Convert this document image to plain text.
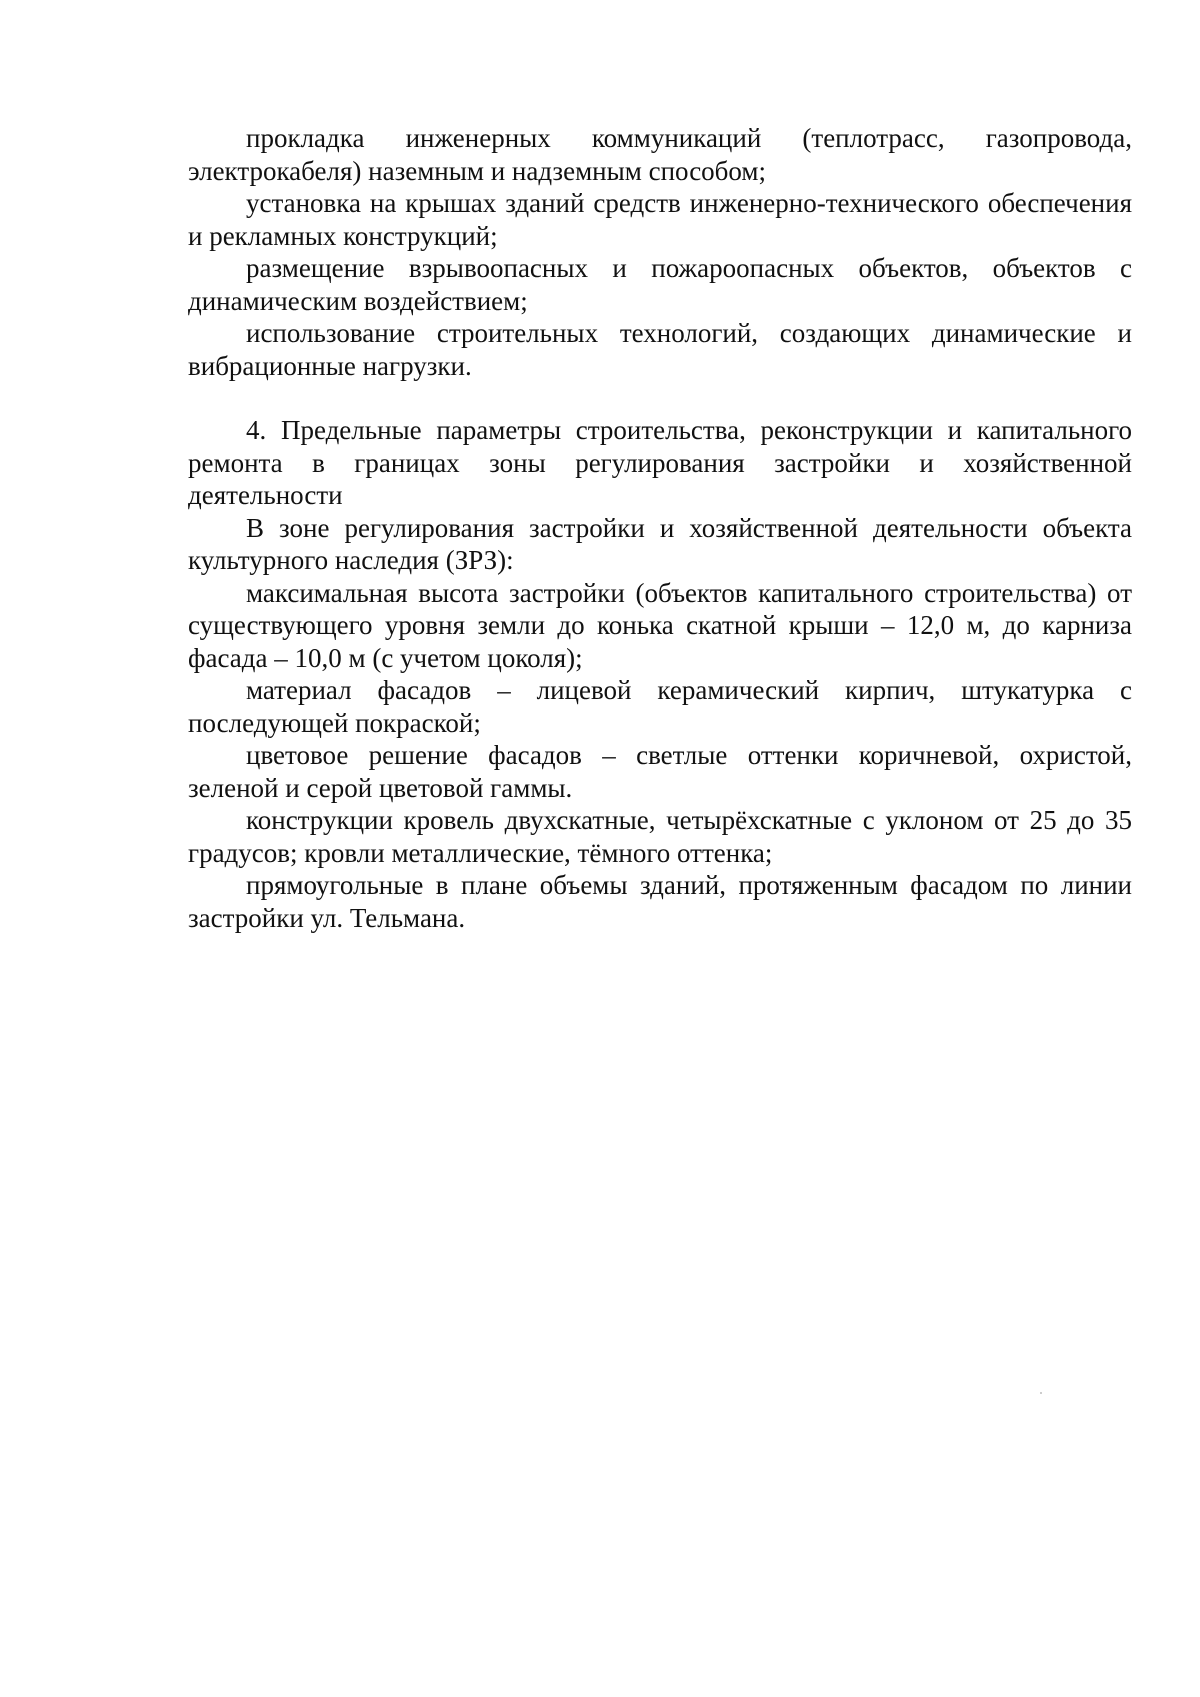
прокладка инженерных коммуникаций (теплотрасс, газопровода, электрокабеля) наземным и надземным способом;

установка на крышах зданий средств инженерно-технического обеспечения и рекламных конструкций;

размещение взрывоопасных и пожароопасных объектов, объектов с динамическим воздействием;

использование строительных технологий, создающих динамические и вибрационные нагрузки.

4. Предельные параметры строительства, реконструкции и капитального ремонта в границах зоны регулирования застройки и хозяйственной деятельности

В зоне регулирования застройки и хозяйственной деятельности объекта культурного наследия (ЗРЗ):

максимальная высота застройки (объектов капитального строительства) от существующего уровня земли до конька скатной крыши – 12,0 м, до карниза фасада – 10,0 м (с учетом цоколя);

материал фасадов – лицевой керамический кирпич, штукатурка с последующей покраской;

цветовое решение фасадов – светлые оттенки коричневой, охристой, зеленой и серой цветовой гаммы.

конструкции кровель двухскатные, четырёхскатные с уклоном от 25 до 35 градусов; кровли металлические, тёмного оттенка;

прямоугольные в плане объемы зданий, протяженным фасадом по линии застройки ул. Тельмана.
